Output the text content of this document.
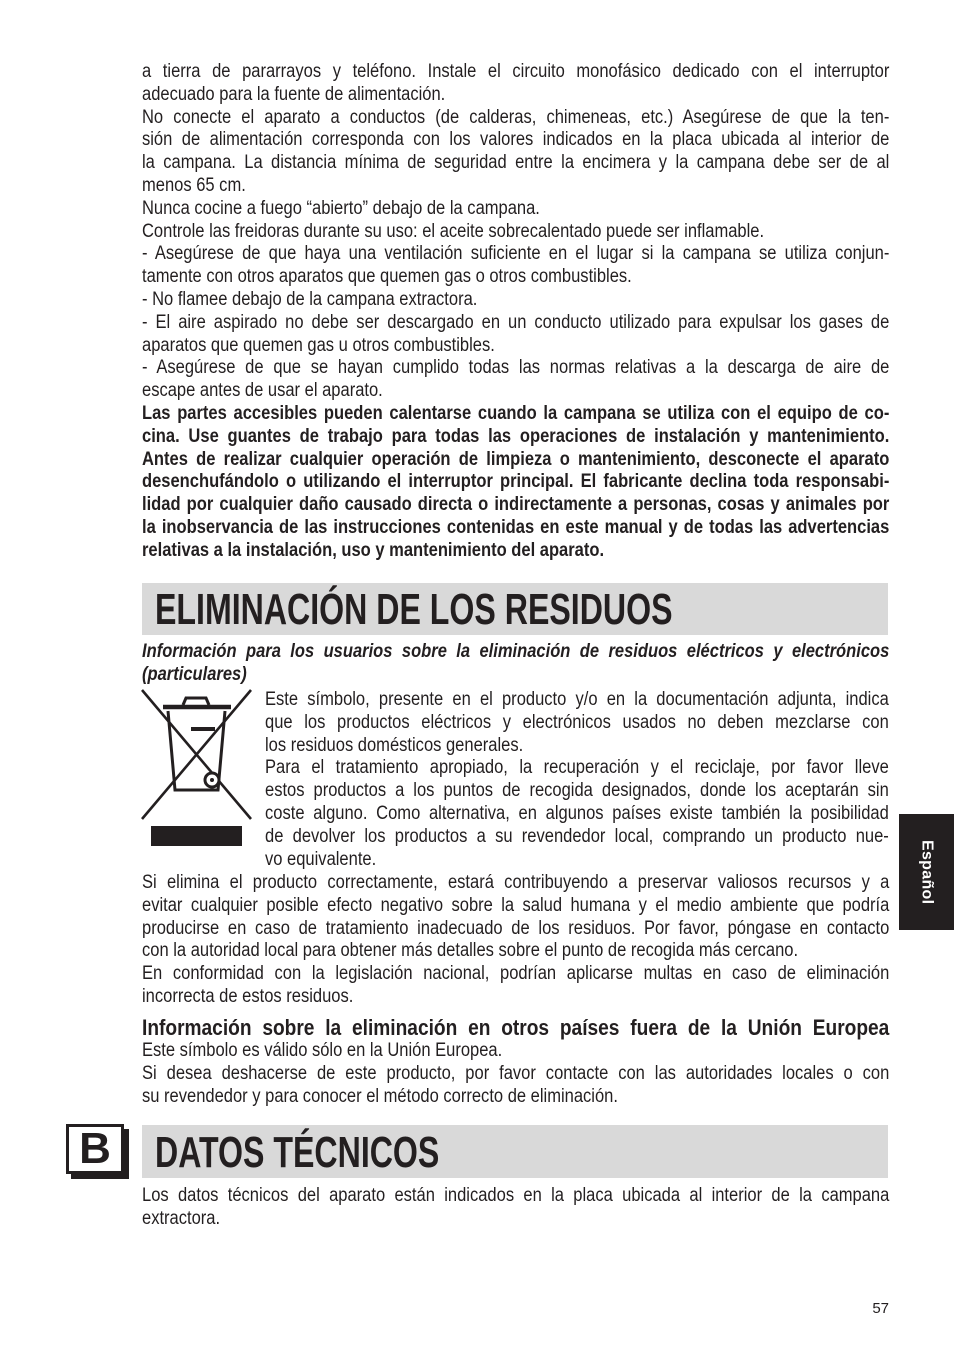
a tierra de pararrayos y teléfono. Instale el circuito monofásico dedicado con el interruptor
adecuado para la fuente de alimentación.
No conecte el aparato a conductos (de calderas, chimeneas, etc.) Asegúrese de que la ten-
sión de alimentación corresponda con los valores indicados en la placa ubicada al interior de
la campana. La distancia mínima de seguridad entre la encimera y la campana debe ser de al
menos 65 cm.
Nunca cocine a fuego “abierto” debajo de la campana.
Controle las freidoras durante su uso: el aceite sobrecalentado puede ser inflamable.
- Asegúrese de que haya una ventilación suficiente en el lugar si la campana se utiliza conjun-
tamente con otros aparatos que quemen gas o otros combustibles.
- No flamee debajo de la campana extractora.
- El aire aspirado no debe ser descargado en un conducto utilizado para expulsar los gases de
aparatos que quemen gas u otros combustibles.
- Asegúrese de que se hayan cumplido todas las normas relativas a la descarga de aire de
escape antes de usar el aparato.
Las partes accesibles pueden calentarse cuando la campana se utiliza con el equipo de co-
cina. Use guantes de trabajo para todas las operaciones de instalación y mantenimiento.
Antes de realizar cualquier operación de limpieza o mantenimiento, desconecte el aparato
desenchufándolo o utilizando el interruptor principal. El fabricante declina toda responsabi-
lidad por cualquier daño causado directa o indirectamente a personas, cosas y animales por
la inobservancia de las instrucciones contenidas en este manual y de todas las advertencias
relativas a la instalación, uso y mantenimiento del aparato.
ELIMINACIÓN DE LOS RESIDUOS
Información para los usuarios sobre la eliminación de residuos eléctricos y electrónicos
(particulares)
Este símbolo, presente en el producto y/o en la documentación adjunta, indica
que los productos eléctricos y electrónicos usados no deben mezclarse con
los residuos domésticos generales.
Para el tratamiento apropiado, la recuperación y el reciclaje, por favor lleve
estos productos a los puntos de recogida designados, donde los aceptarán sin
coste alguno. Como alternativa, en algunos países existe también la posibilidad
de devolver los productos a su revendedor local, comprando un producto nue-
vo equivalente.
Si elimina el producto correctamente, estará contribuyendo a preservar valiosos recursos y a
evitar cualquier posible efecto negativo sobre la salud humana y el medio ambiente que podría
producirse en caso de tratamiento inadecuado de los residuos. Por favor, póngase en contacto
con la autoridad local para obtener más detalles sobre el punto de recogida más cercano.
En conformidad con la legislación nacional, podrían aplicarse multas en caso de eliminación
incorrecta de estos residuos.
Información sobre la eliminación en otros países fuera de la Unión Europea
Este símbolo es válido sólo en la Unión Europea.
Si desea deshacerse de este producto, por favor contacte con las autoridades locales o con
su revendedor y para conocer el método correcto de eliminación.
B DATOS TÉCNICOS
Los datos técnicos del aparato están indicados en la placa ubicada al interior de la campana
extractora.
Español
57
